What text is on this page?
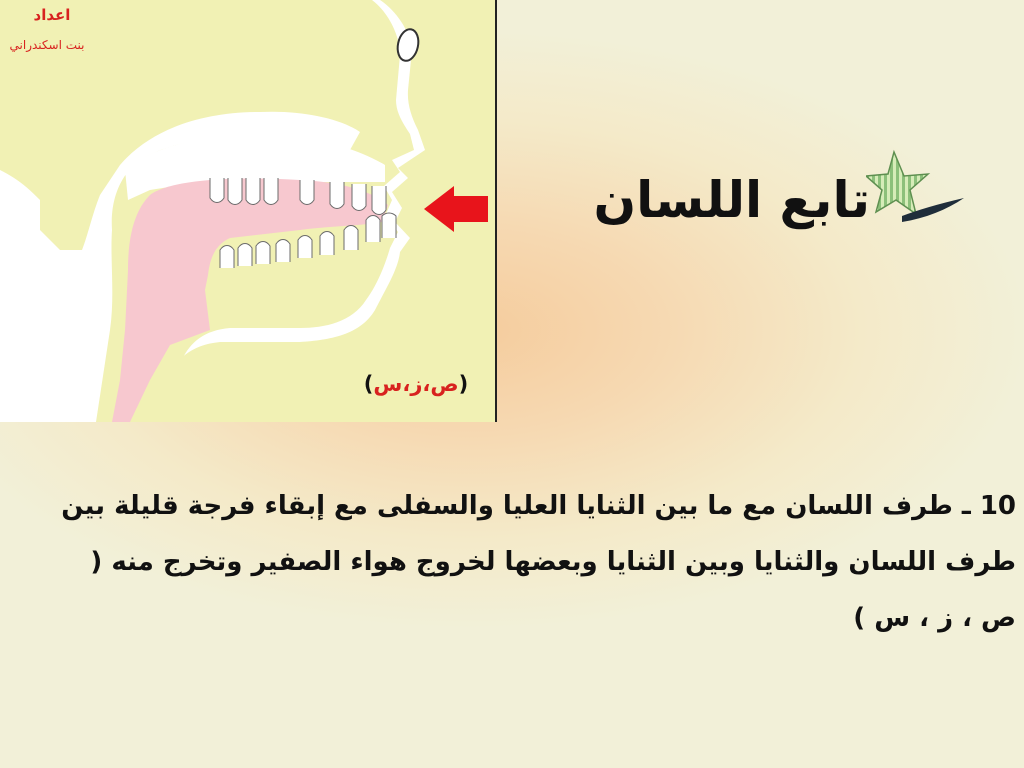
اعداد
بنت اسكندراني
(ص،ز،س)
تابع اللسان
10 ـ طرف اللسان مع ما بين الثنايا العليا والسفلى مع إبقاء فرجة قليلة بين طرف اللسان والثنايا وبين الثنايا وبعضها لخروج هواء الصفير وتخرج منه ( ص ، ز ، س )
